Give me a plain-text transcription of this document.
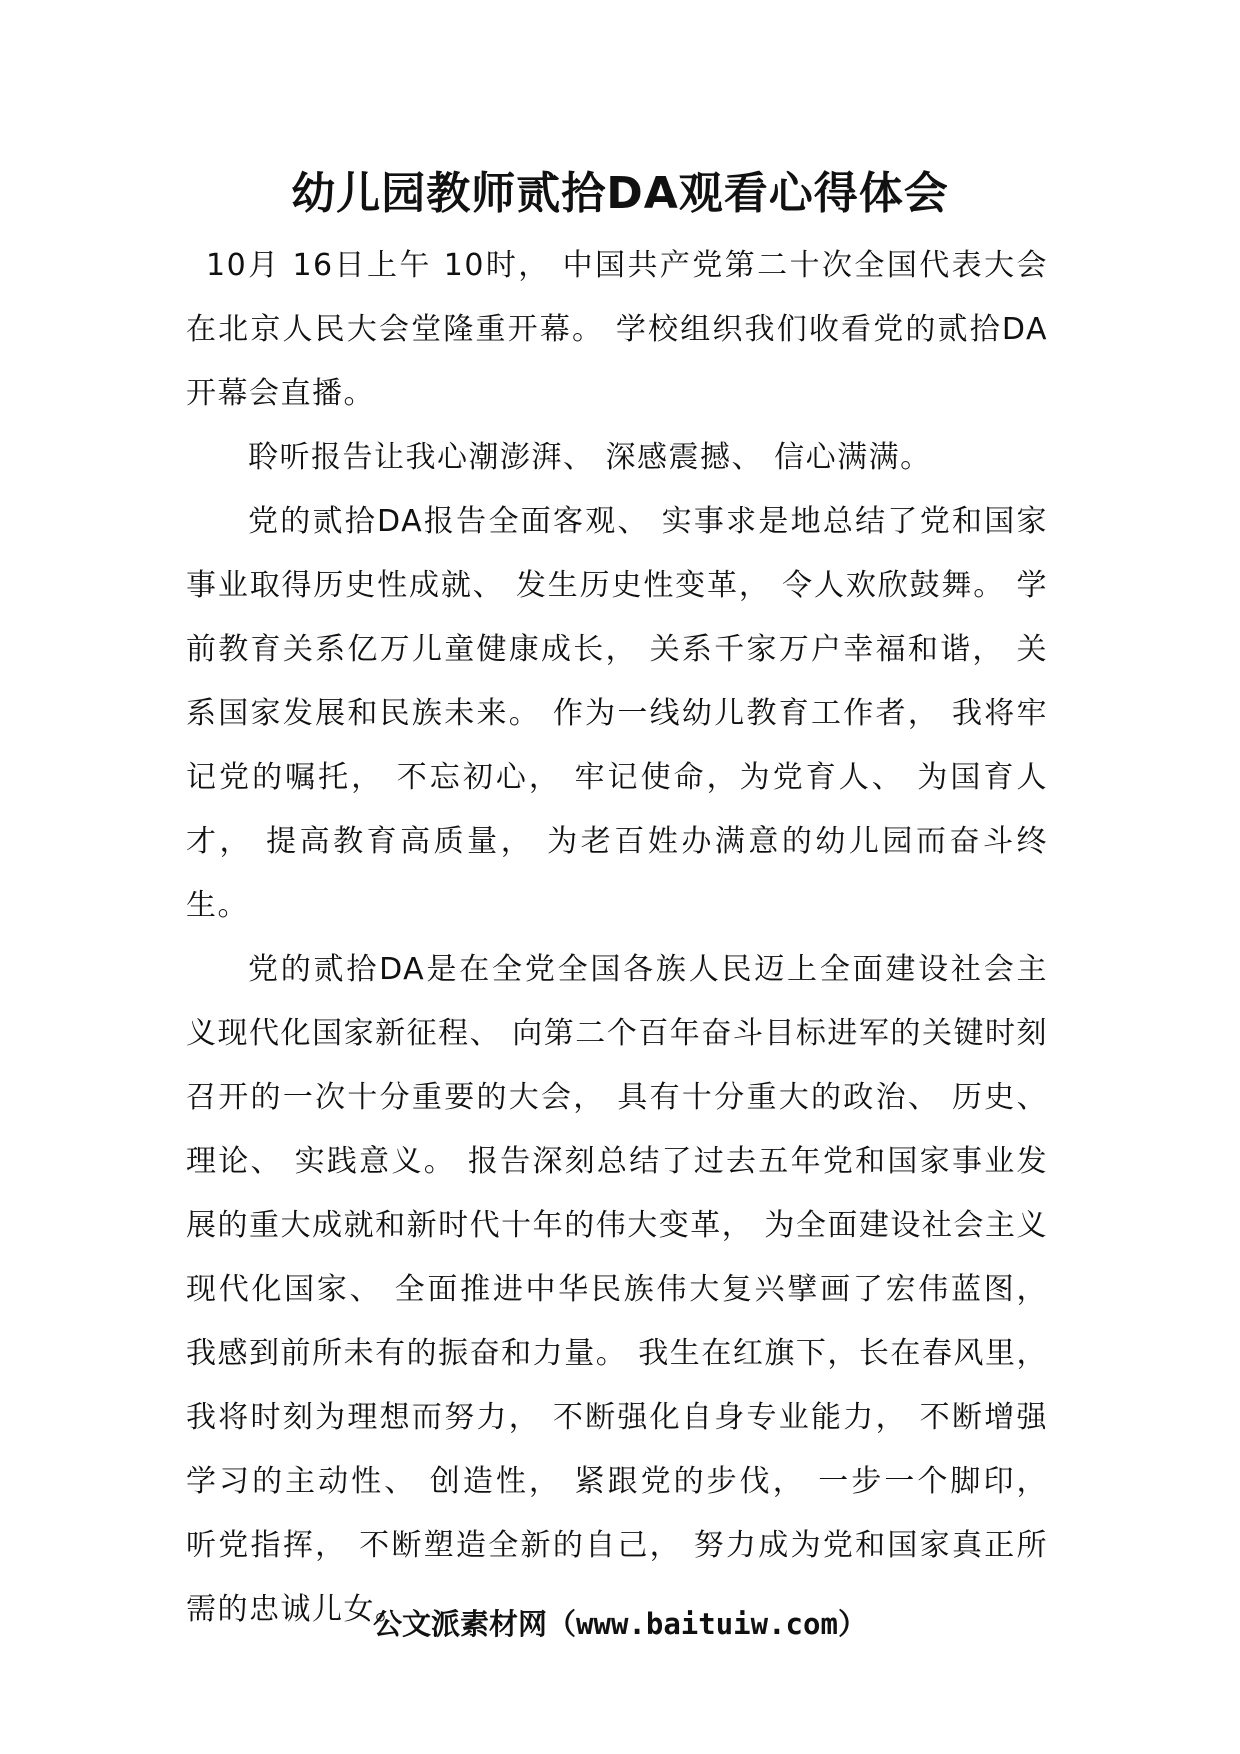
幼儿园教师贰拾DA观看心得体会

10月 16日上午 10时， 中国共产党第二十次全国代表大会在北京人民大会堂隆重开幕。 学校组织我们收看党的贰拾DA开幕会直播。

聆听报告让我心潮澎湃、 深感震撼、 信心满满。

党的贰拾DA报告全面客观、 实事求是地总结了党和国家事业取得历史性成就、 发生历史性变革， 令人欢欣鼓舞。 学前教育关系亿万儿童健康成长， 关系千家万户幸福和谐， 关系国家发展和民族未来。 作为一线幼儿教育工作者， 我将牢记党的嘱托， 不忘初心， 牢记使命，为党育人、 为国育人才， 提高教育高质量， 为老百姓办满意的幼儿园而奋斗终生。

党的贰拾DA是在全党全国各族人民迈上全面建设社会主义现代化国家新征程、 向第二个百年奋斗目标进军的关键时刻召开的一次十分重要的大会， 具有十分重大的政治、 历史、 理论、 实践意义。 报告深刻总结了过去五年党和国家事业发展的重大成就和新时代十年的伟大变革， 为全面建设社会主义现代化国家、 全面推进中华民族伟大复兴擘画了宏伟蓝图， 我感到前所未有的振奋和力量。 我生在红旗下，长在春风里， 我将时刻为理想而努力， 不断强化自身专业能力， 不断增强学习的主动性、 创造性， 紧跟党的步伐， 一步一个脚印， 听党指挥， 不断塑造全新的自己， 努力成为党和国家真正所需的忠诚儿女。

公文派素材网（www.baituiw.com）
